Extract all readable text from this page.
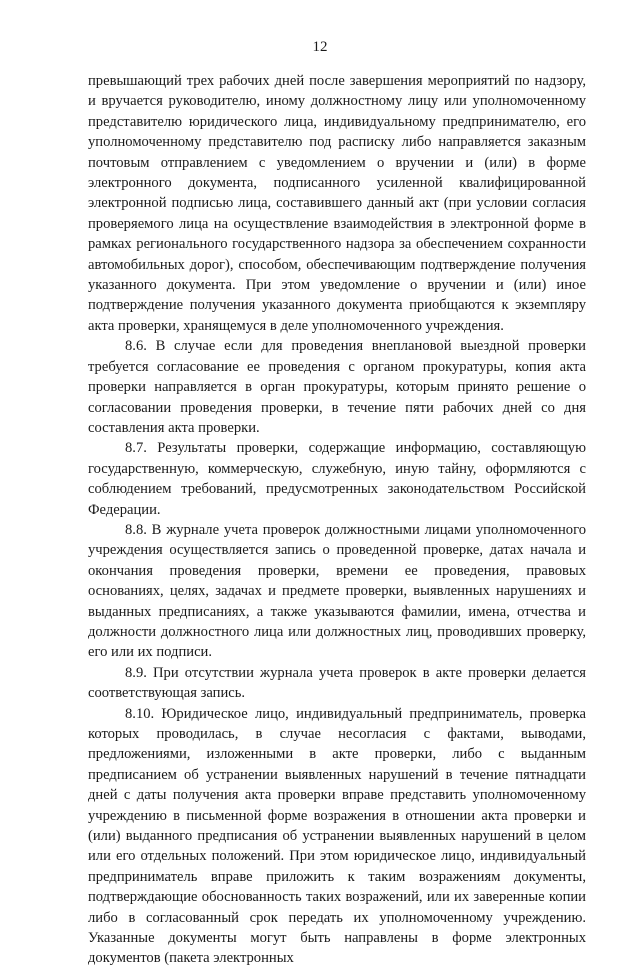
12

превышающий трех рабочих дней после завершения мероприятий по надзору, и вручается руководителю, иному должностному лицу или уполномоченному представителю юридического лица, индивидуальному предпринимателю, его уполномоченному представителю под расписку либо направляется заказным почтовым отправлением с уведомлением о вручении и (или) в форме электронного документа, подписанного усиленной квалифицированной электронной подписью лица, составившего данный акт (при условии согласия проверяемого лица на осуществление взаимодействия в электронной форме в рамках регионального государственного надзора за обеспечением сохранности автомобильных дорог), способом, обеспечивающим подтверждение получения указанного документа. При этом уведомление о вручении и (или) иное подтверждение получения указанного документа приобщаются к экземпляру акта проверки, хранящемуся в деле уполномоченного учреждения.

8.6. В случае если для проведения внеплановой выездной проверки требуется согласование ее проведения с органом прокуратуры, копия акта проверки направляется в орган прокуратуры, которым принято решение о согласовании проведения проверки, в течение пяти рабочих дней со дня составления акта проверки.

8.7. Результаты проверки, содержащие информацию, составляющую государственную, коммерческую, служебную, иную тайну, оформляются с соблюдением требований, предусмотренных законодательством Российской Федерации.

8.8. В журнале учета проверок должностными лицами уполномоченного учреждения осуществляется запись о проведенной проверке, датах начала и окончания проведения проверки, времени ее проведения, правовых основаниях, целях, задачах и предмете проверки, выявленных нарушениях и выданных предписаниях, а также указываются фамилии, имена, отчества и должности должностного лица или должностных лиц, проводивших проверку, его или их подписи.

8.9. При отсутствии журнала учета проверок в акте проверки делается соответствующая запись.

8.10. Юридическое лицо, индивидуальный предприниматель, проверка которых проводилась, в случае несогласия с фактами, выводами, предложениями, изложенными в акте проверки, либо с выданным предписанием об устранении выявленных нарушений в течение пятнадцати дней с даты получения акта проверки вправе представить уполномоченному учреждению в письменной форме возражения в отношении акта проверки и (или) выданного предписания об устранении выявленных нарушений в целом или его отдельных положений. При этом юридическое лицо, индивидуальный предприниматель вправе приложить к таким возражениям документы, подтверждающие обоснованность таких возражений, или их заверенные копии либо в согласованный срок передать их уполномоченному учреждению. Указанные документы могут быть направлены в форме электронных документов (пакета электронных
